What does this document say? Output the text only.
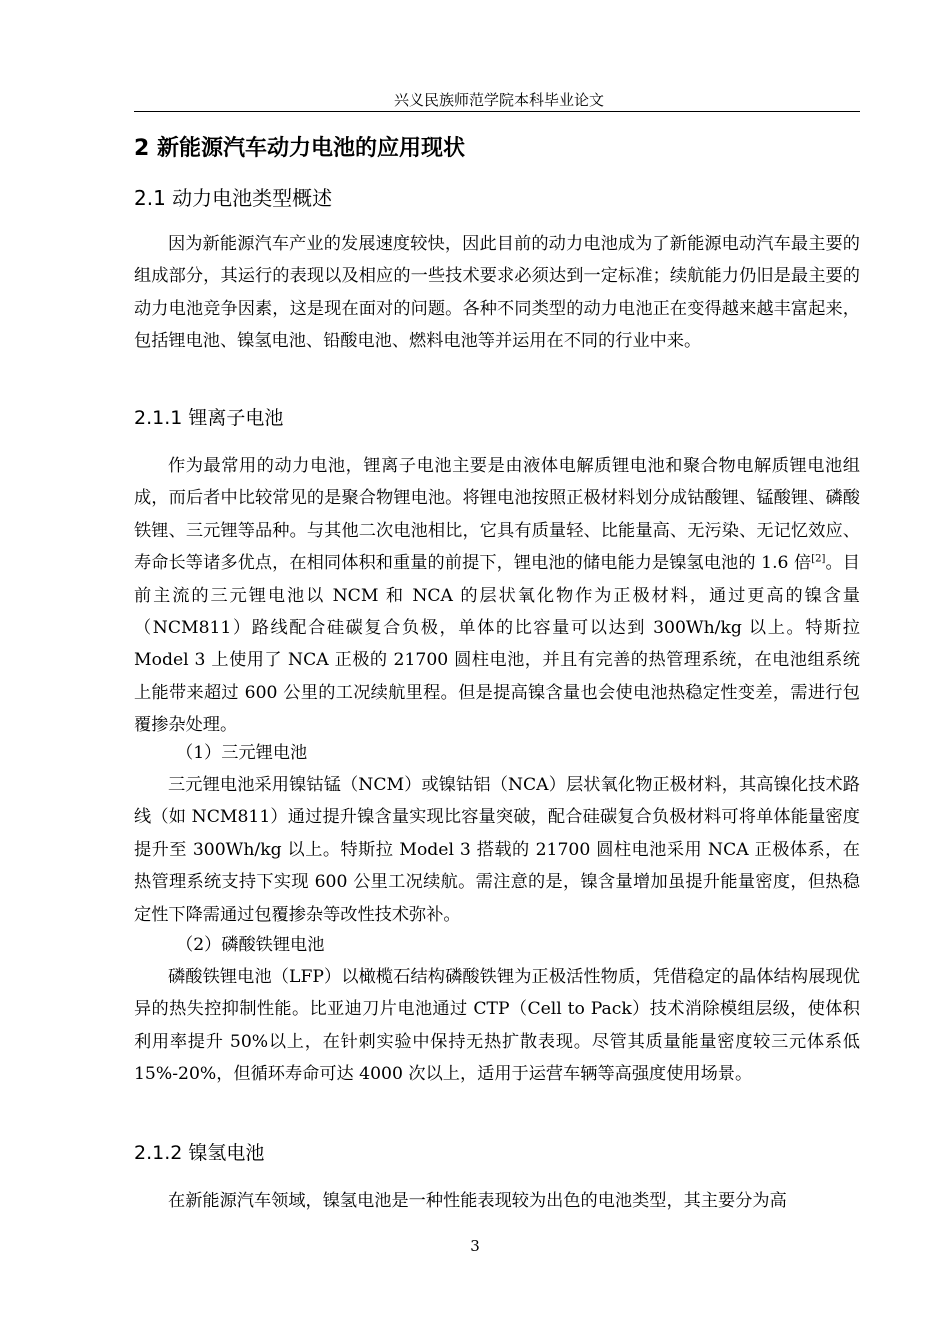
兴义民族师范学院本科毕业论文
2 新能源汽车动力电池的应用现状
2.1 动力电池类型概述
因为新能源汽车产业的发展速度较快，因此目前的动力电池成为了新能源电动汽车最主要的组成部分，其运行的表现以及相应的一些技术要求必须达到一定标准；续航能力仍旧是最主要的动力电池竞争因素，这是现在面对的问题。各种不同类型的动力电池正在变得越来越丰富起来，包括锂电池、镍氢电池、铅酸电池、燃料电池等并运用在不同的行业中来。
2.1.1 锂离子电池
作为最常用的动力电池，锂离子电池主要是由液体电解质锂电池和聚合物电解质锂电池组成，而后者中比较常见的是聚合物锂电池。将锂电池按照正极材料划分成钴酸锂、锰酸锂、磷酸铁锂、三元锂等品种。与其他二次电池相比，它具有质量轻、比能量高、无污染、无记忆效应、寿命长等诸多优点，在相同体积和重量的前提下，锂电池的储电能力是镍氢电池的 1.6 倍[2]。目前主流的三元锂电池以 NCM 和 NCA 的层状氧化物作为正极材料，通过更高的镍含量（NCM811）路线配合硅碳复合负极，单体的比容量可以达到 300Wh/kg 以上。特斯拉 Model 3 上使用了 NCA 正极的 21700 圆柱电池，并且有完善的热管理系统，在电池组系统上能带来超过 600 公里的工况续航里程。但是提高镍含量也会使电池热稳定性变差，需进行包覆掺杂处理。
（1）三元锂电池
三元锂电池采用镍钴锰（NCM）或镍钴铝（NCA）层状氧化物正极材料，其高镍化技术路线（如 NCM811）通过提升镍含量实现比容量突破，配合硅碳复合负极材料可将单体能量密度提升至 300Wh/kg 以上。特斯拉 Model 3 搭载的 21700 圆柱电池采用 NCA 正极体系，在热管理系统支持下实现 600 公里工况续航。需注意的是，镍含量增加虽提升能量密度，但热稳定性下降需通过包覆掺杂等改性技术弥补。
（2）磷酸铁锂电池
磷酸铁锂电池（LFP）以橄榄石结构磷酸铁锂为正极活性物质，凭借稳定的晶体结构展现优异的热失控抑制性能。比亚迪刀片电池通过 CTP（Cell to Pack）技术消除模组层级，使体积利用率提升 50%以上，在针刺实验中保持无热扩散表现。尽管其质量能量密度较三元体系低 15%-20%，但循环寿命可达 4000 次以上，适用于运营车辆等高强度使用场景。
2.1.2 镍氢电池
在新能源汽车领域，镍氢电池是一种性能表现较为出色的电池类型，其主要分为高
3
